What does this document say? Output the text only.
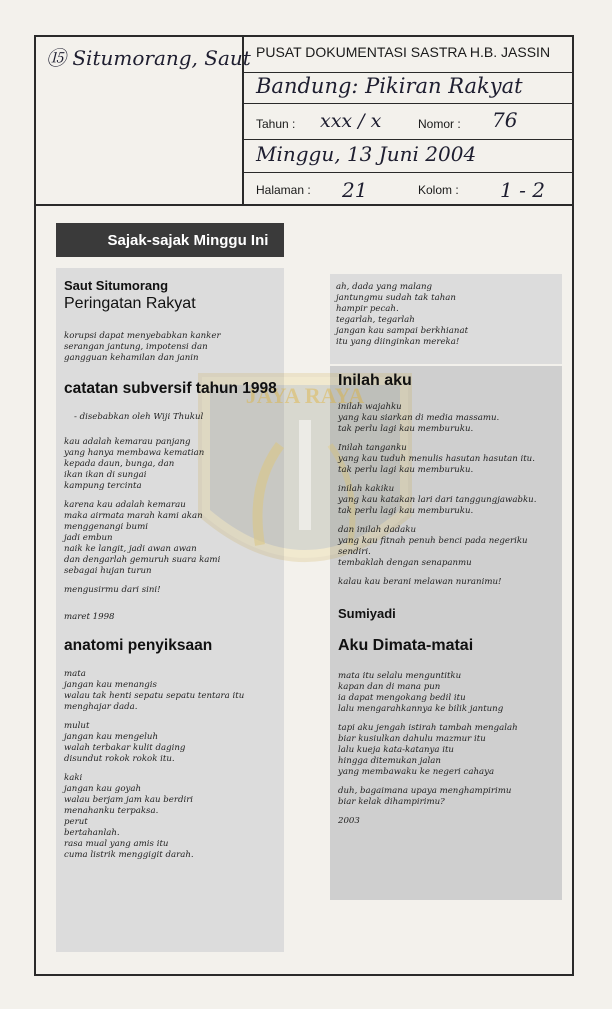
⑮ Situmorang, Saut PUSAT DOKUMENTASI SASTRA H.B. JASSIN
Bandung: Pikiran Rakyat
Tahun : xxx / x	Nomor : 76
Minggu, 13 Juni 2004
Halaman : 21	Kolom : 1 - 2
Sajak-sajak Minggu Ini
JAYA RAYA
Saut Situmorang
Peringatan Rakyat
korupsi dapat menyebabkan kanker
serangan jantung, impotensi dan
gangguan kehamilan dan janin
catatan subversif tahun 1998
- disebabkan oleh Wiji Thukul
kau adalah kemarau panjang
yang hanya membawa kematian
kepada daun, bunga, dan
ikan ikan di sungai
kampung tercinta
karena kau adalah kemarau
maka airmata marah kami akan
menggenangi bumi
jadi embun
naik ke langit, jadi awan awan
dan dengarlah gemuruh suara kami
sebagai hujan turun
mengusirmu dari sini!
maret 1998
anatomi penyiksaan
mata
jangan kau menangis
walau tak henti sepatu sepatu tentara itu
menghajar dada.
mulut
jangan kau mengeluh
walah terbakar kulit daging
disundut rokok rokok itu.
kaki
jangan kau goyah
walau berjam jam kau berdiri
menahanku terpaksa.
perut
bertahanlah.
rasa mual yang amis itu
cuma listrik menggigit darah.
ah, dada yang malang
jantungmu sudah tak tahan
hampir pecah.
tegarlah, tegarlah
jangan kau sampai berkhianat
itu yang diinginkan mereka!
Inilah aku
inilah wajahku
yang kau siarkan di media massamu.
tak perlu lagi kau memburuku.
Inilah tanganku
yang kau tuduh menulis hasutan hasutan itu.
tak perlu lagi kau memburuku.
inilah kakiku
yang kau katakan lari dari tanggungjawabku.
tak perlu lagi kau memburuku.
dan inilah dadaku
yang kau fitnah penuh benci pada negeriku sendiri.
tembaklah dengan senapanmu
kalau kau berani melawan nuranimu!
Sumiyadi
Aku Dimata-matai
mata itu selalu menguntitku
kapan dan di mana pun
ia dapat mengokang bedil itu
lalu mengarahkannya ke bilik jantung
tapi aku jengah istirah tambah mengalah
biar kusiulkan dahulu mazmur itu
lalu kueja kata-katanya itu
hingga ditemukan jalan
yang membawaku ke negeri cahaya
duh, bagaimana upaya menghampirimu
biar kelak dihampirimu?
2003
